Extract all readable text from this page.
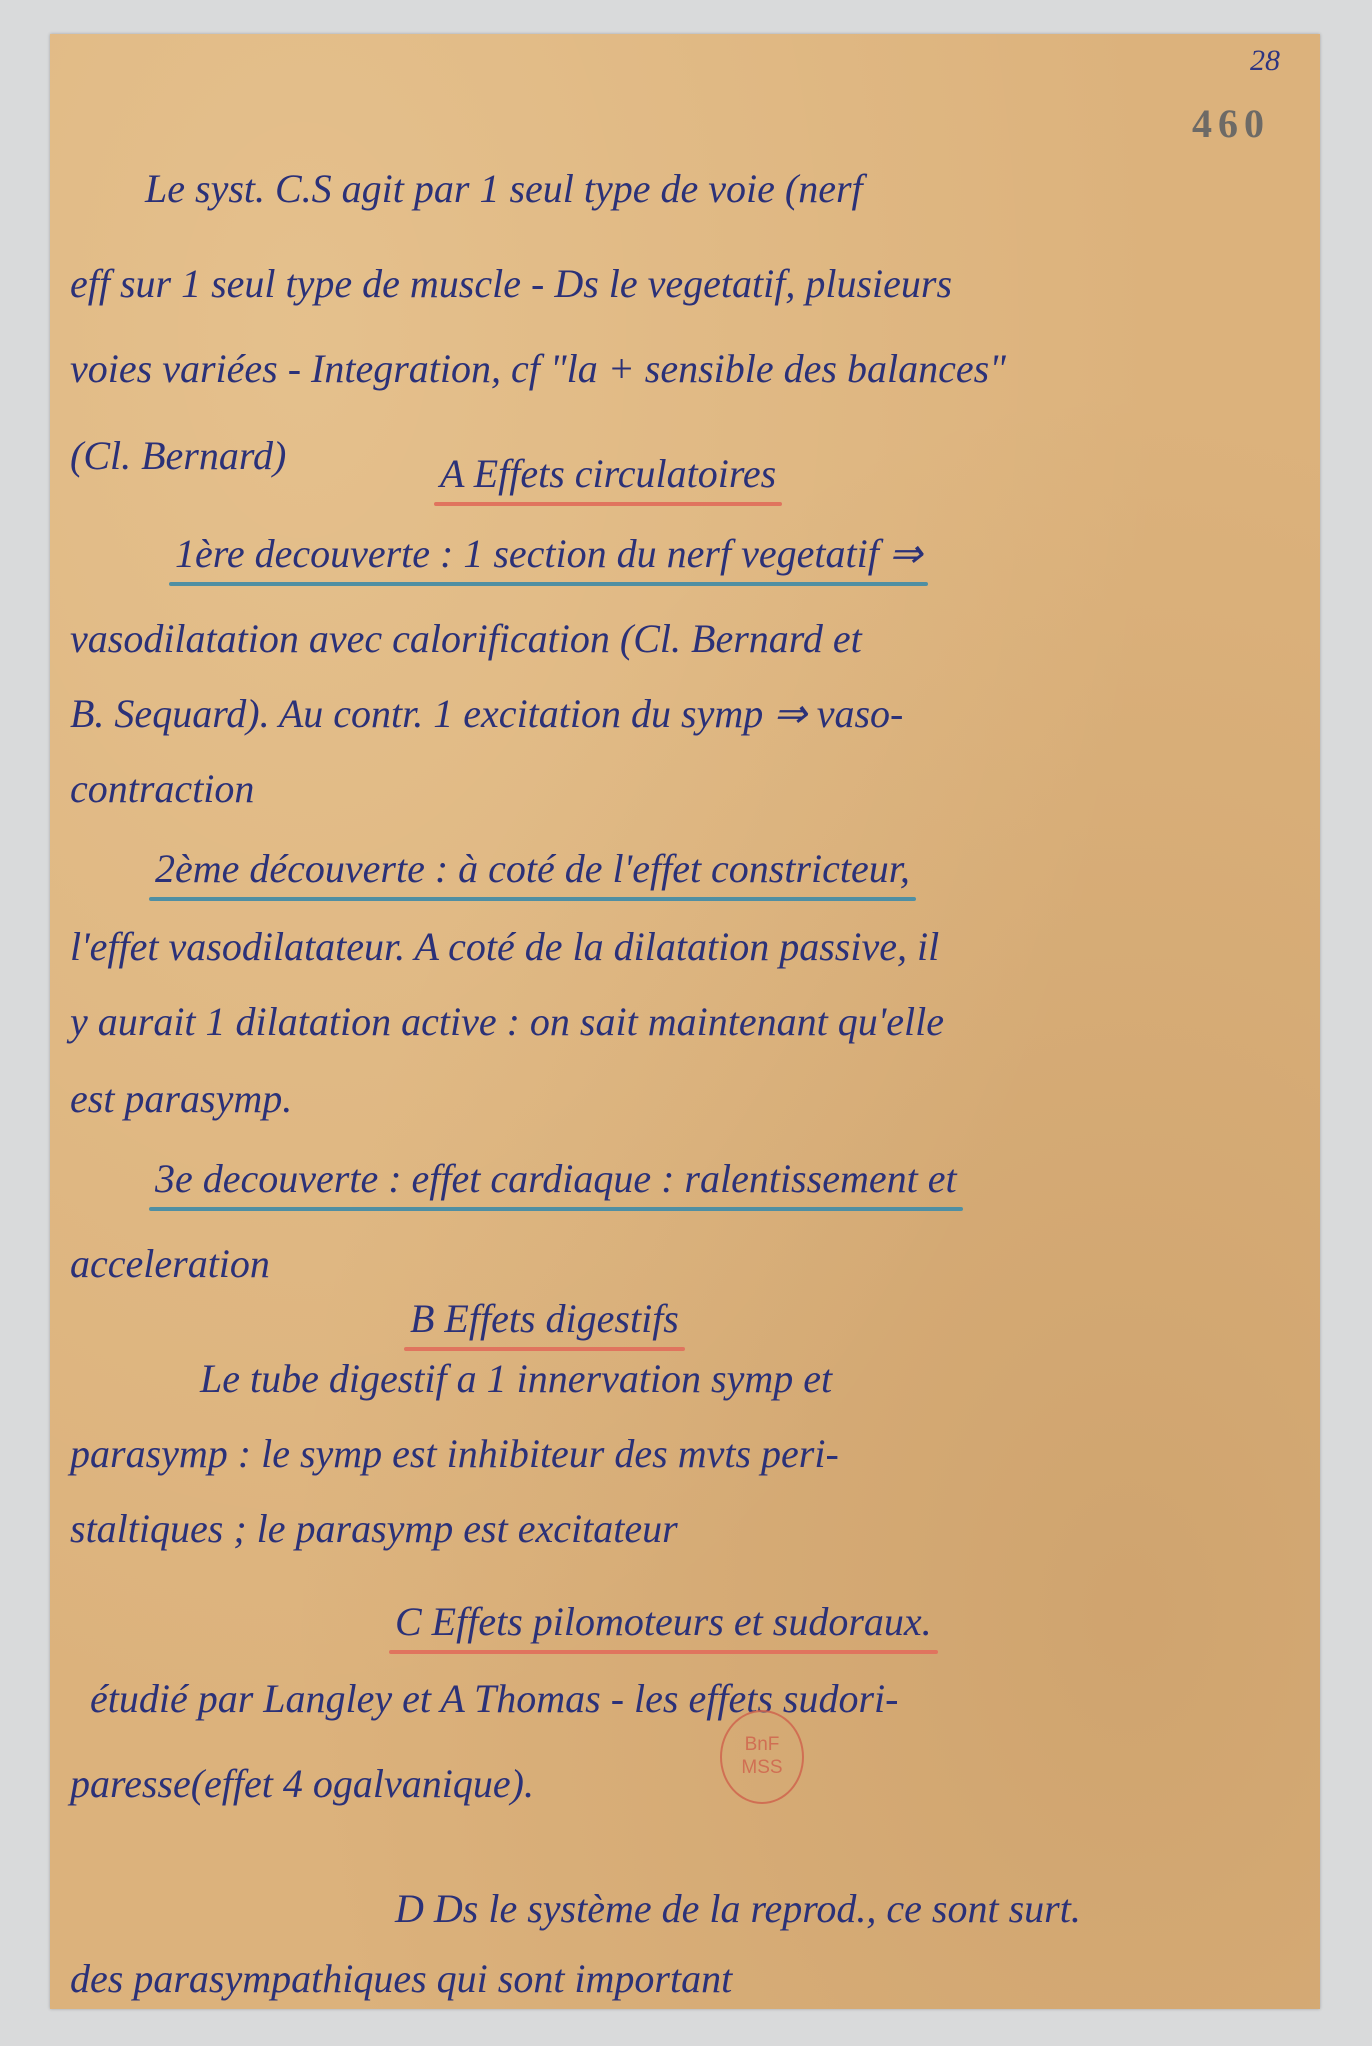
28
460
Le syst. C.S agit par 1 seul type de voie (nerf
eff sur 1 seul type de muscle - Ds le vegetatif, plusieurs
voies variées - Integration, cf "la + sensible des balances"
(Cl. Bernard)	A Effets circulatoires
1ère decouverte : 1 section du nerf vegetatif ⇒
vasodilatation avec calorification (Cl. Bernard et
B. Sequard). Au contr. 1 excitation du symp ⇒ vaso-
contraction
2ème découverte : à coté de l'effet constricteur,
l'effet vasodilatateur. A coté de la dilatation passive, il
y aurait 1 dilatation active : on sait maintenant qu'elle
est parasymp.
3e decouverte : effet cardiaque : ralentissement et
acceleration
B Effets digestifs
Le tube digestif a 1 innervation symp et
parasymp : le symp est inhibiteur des mvts peri-
staltiques ; le parasymp est excitateur
C Effets pilomoteurs et sudoraux.
étudié par Langley et A Thomas - les effets sudori-
paresse(effet 4 ogalvanique).
BnF
MSS
D Ds le système de la reprod., ce sont surt.
des parasympathiques qui sont important
